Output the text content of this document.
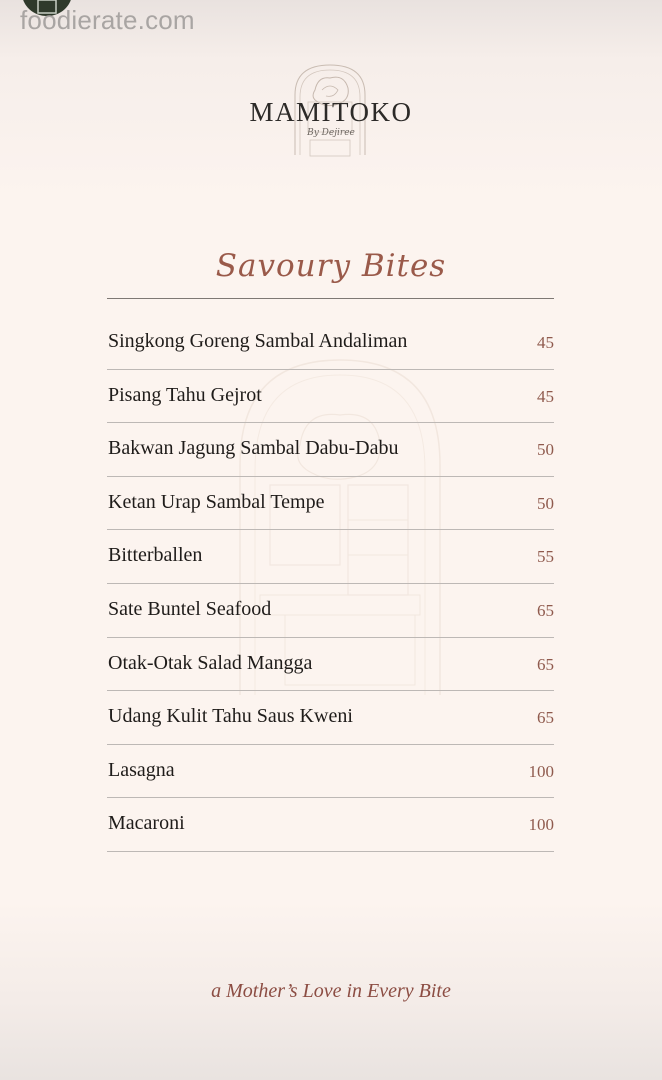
foodierate.com
MAMITOKO
By Dejiree
Savoury Bites
Singkong Goreng Sambal Andaliman	45
Pisang Tahu Gejrot	45
Bakwan Jagung Sambal Dabu-Dabu	50
Ketan Urap Sambal Tempe	50
Bitterballen	55
Sate Buntel Seafood	65
Otak-Otak Salad Mangga	65
Udang Kulit Tahu Saus Kweni	65
Lasagna	100
Macaroni	100
a Mother’s Love in Every Bite
